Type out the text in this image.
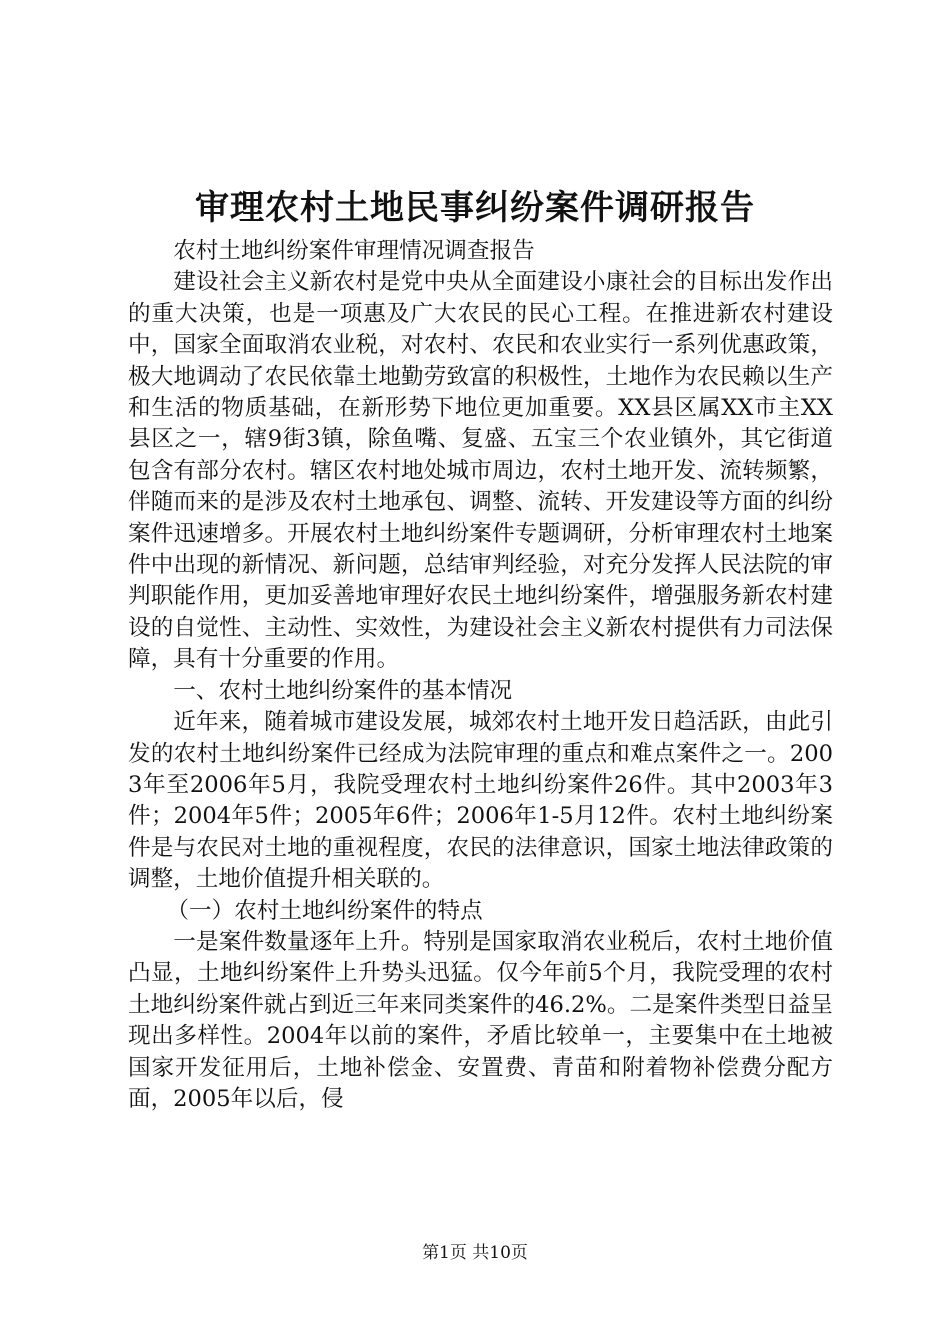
审理农村土地民事纠纷案件调研报告

农村土地纠纷案件审理情况调查报告

建设社会主义新农村是党中央从全面建设小康社会的目标出发作出的重大决策，也是一项惠及广大农民的民心工程。在推进新农村建设中，国家全面取消农业税，对农村、农民和农业实行一系列优惠政策，极大地调动了农民依靠土地勤劳致富的积极性，土地作为农民赖以生产和生活的物质基础，在新形势下地位更加重要。XX县区属XX市主XX县区之一，辖9街3镇，除鱼嘴、复盛、五宝三个农业镇外，其它街道包含有部分农村。辖区农村地处城市周边，农村土地开发、流转频繁，伴随而来的是涉及农村土地承包、调整、流转、开发建设等方面的纠纷案件迅速增多。开展农村土地纠纷案件专题调研，分析审理农村土地案件中出现的新情况、新问题，总结审判经验，对充分发挥人民法院的审判职能作用，更加妥善地审理好农民土地纠纷案件，增强服务新农村建设的自觉性、主动性、实效性，为建设社会主义新农村提供有力司法保障，具有十分重要的作用。

一、农村土地纠纷案件的基本情况

近年来，随着城市建设发展，城郊农村土地开发日趋活跃，由此引发的农村土地纠纷案件已经成为法院审理的重点和难点案件之一。2003年至2006年5月，我院受理农村土地纠纷案件26件。其中2003年3件；2004年5件；2005年6件；2006年1-5月12件。农村土地纠纷案件是与农民对土地的重视程度，农民的法律意识，国家土地法律政策的调整，土地价值提升相关联的。

（一）农村土地纠纷案件的特点

一是案件数量逐年上升。特别是国家取消农业税后，农村土地价值凸显，土地纠纷案件上升势头迅猛。仅今年前5个月，我院受理的农村土地纠纷案件就占到近三年来同类案件的46.2%。二是案件类型日益呈现出多样性。2004年以前的案件，矛盾比较单一，主要集中在土地被国家开发征用后，土地补偿金、安置费、青苗和附着物补偿费分配方面，2005年以后，侵

第1页 共10页
